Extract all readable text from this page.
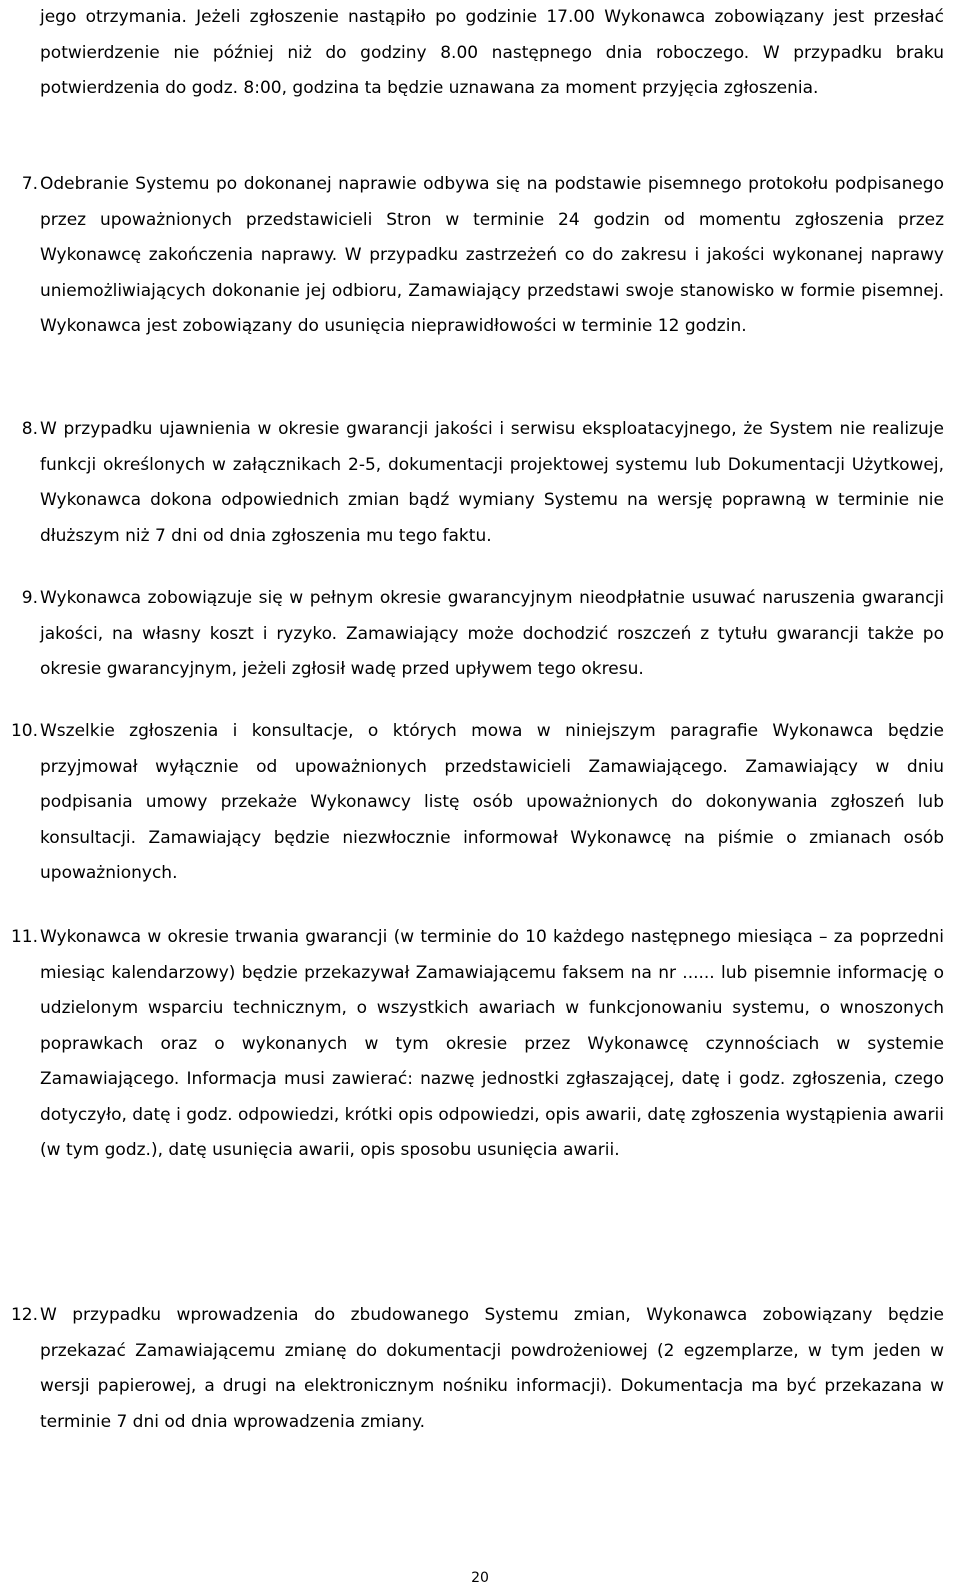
jego otrzymania. Jeżeli zgłoszenie nastąpiło po godzinie 17.00 Wykonawca zobowiązany jest przesłać potwierdzenie nie później niż do godziny 8.00 następnego dnia roboczego. W przypadku braku potwierdzenia do godz. 8:00, godzina ta będzie uznawana za moment przyjęcia zgłoszenia.

7. Odebranie Systemu po dokonanej naprawie odbywa się na podstawie pisemnego protokołu podpisanego przez upoważnionych przedstawicieli Stron w terminie 24 godzin od momentu zgłoszenia przez Wykonawcę zakończenia naprawy. W przypadku zastrzeżeń co do zakresu i jakości wykonanej naprawy uniemożliwiających dokonanie jej odbioru, Zamawiający przedstawi swoje stanowisko w formie pisemnej. Wykonawca jest zobowiązany do usunięcia nieprawidłowości w terminie 12 godzin.

8. W przypadku ujawnienia w okresie gwarancji jakości i serwisu eksploatacyjnego, że System nie realizuje funkcji określonych w załącznikach 2-5, dokumentacji projektowej systemu lub Dokumentacji Użytkowej, Wykonawca dokona odpowiednich zmian bądź wymiany Systemu na wersję poprawną w terminie nie dłuższym niż 7 dni od dnia zgłoszenia mu tego faktu.

9. Wykonawca zobowiązuje się w pełnym okresie gwarancyjnym nieodpłatnie usuwać naruszenia gwarancji jakości, na własny koszt i ryzyko. Zamawiający może dochodzić roszczeń z tytułu gwarancji także po okresie gwarancyjnym, jeżeli zgłosił wadę przed upływem tego okresu.

10. Wszelkie zgłoszenia i konsultacje, o których mowa w niniejszym paragrafie Wykonawca będzie przyjmował wyłącznie od upoważnionych przedstawicieli Zamawiającego. Zamawiający w dniu podpisania umowy przekaże Wykonawcy listę osób upoważnionych do dokonywania zgłoszeń lub konsultacji. Zamawiający będzie niezwłocznie informował Wykonawcę na piśmie o zmianach osób upoważnionych.

11. Wykonawca w okresie trwania gwarancji (w terminie do 10 każdego następnego miesiąca – za poprzedni miesiąc kalendarzowy) będzie przekazywał Zamawiającemu faksem na nr ...... lub pisemnie informację o udzielonym wsparciu technicznym, o wszystkich awariach w funkcjonowaniu systemu, o wnoszonych poprawkach oraz o wykonanych w tym okresie przez Wykonawcę czynnościach w systemie Zamawiającego. Informacja musi zawierać: nazwę jednostki zgłaszającej, datę i godz. zgłoszenia, czego dotyczyło, datę i godz. odpowiedzi, krótki opis odpowiedzi, opis awarii, datę zgłoszenia wystąpienia awarii (w tym godz.), datę usunięcia awarii, opis sposobu usunięcia awarii.

12. W przypadku wprowadzenia do zbudowanego Systemu zmian, Wykonawca zobowiązany będzie przekazać Zamawiającemu zmianę do dokumentacji powdrożeniowej (2 egzemplarze, w tym jeden w wersji papierowej, a drugi na elektronicznym nośniku informacji). Dokumentacja ma być przekazana w terminie 7 dni od dnia wprowadzenia zmiany.

20
